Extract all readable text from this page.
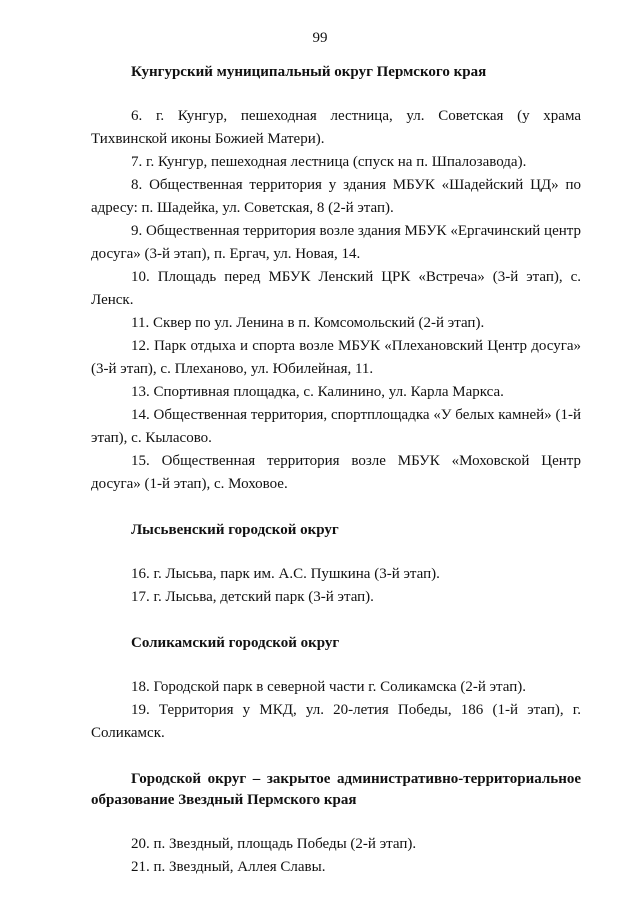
99

Кунгурский муниципальный округ Пермского края

6. г. Кунгур, пешеходная лестница, ул. Советская (у храма Тихвинской иконы Божией Матери).

7. г. Кунгур, пешеходная лестница (спуск на п. Шпалозавода).

8. Общественная территория у здания МБУК «Шадейский ЦД» по адресу: п. Шадейка, ул. Советская, 8 (2-й этап).

9. Общественная территория возле здания МБУК «Ергачинский центр досуга» (3-й этап), п. Ергач, ул. Новая, 14.

10. Площадь перед МБУК Ленский ЦРК «Встреча» (3-й этап), с. Ленск.

11. Сквер по ул. Ленина в п. Комсомольский (2-й этап).

12. Парк отдыха и спорта возле МБУК «Плехановский Центр досуга» (3-й этап), с. Плеханово, ул. Юбилейная, 11.

13. Спортивная площадка, с. Калинино, ул. Карла Маркса.

14. Общественная территория, спортплощадка «У белых камней» (1-й этап), с. Кыласово.

15. Общественная территория возле МБУК «Моховской Центр досуга» (1-й этап), с. Моховое.

Лысьвенский городской округ

16. г. Лысьва, парк им. А.С. Пушкина (3-й этап).

17. г. Лысьва, детский парк (3-й этап).

Соликамский городской округ

18. Городской парк в северной части г. Соликамска (2-й этап).

19. Территория у МКД, ул. 20-летия Победы, 186 (1-й этап), г. Соликамск.

Городской округ – закрытое административно-территориальное образование Звездный Пермского края

20. п. Звездный, площадь Победы (2-й этап).

21. п. Звездный, Аллея Славы.
